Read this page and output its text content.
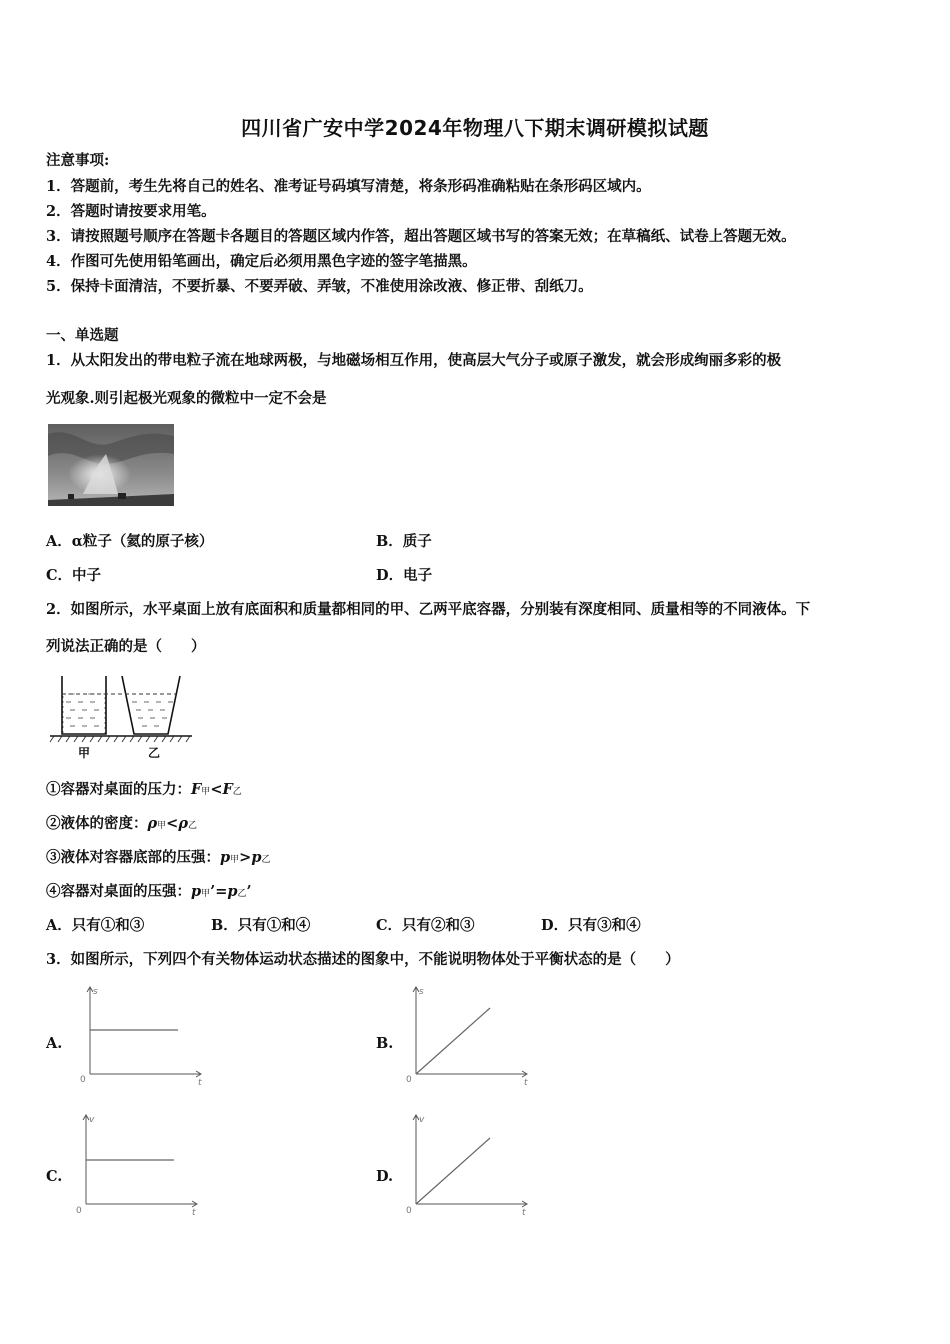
四川省广安中学2024年物理八下期末调研模拟试题
注意事项:
1．答题前，考生先将自己的姓名、准考证号码填写清楚，将条形码准确粘贴在条形码区域内。
2．答题时请按要求用笔。
3．请按照题号顺序在答题卡各题目的答题区域内作答，超出答题区域书写的答案无效；在草稿纸、试卷上答题无效。
4．作图可先使用铅笔画出，确定后必须用黑色字迹的签字笔描黑。
5．保持卡面清洁，不要折暴、不要弄破、弄皱，不准使用涂改液、修正带、刮纸刀。
一、单选题
1．从太阳发出的带电粒子流在地球两极，与地磁场相互作用，使高层大气分子或原子激发，就会形成绚丽多彩的极
光观象.则引起极光观象的微粒中一定不会是
A．α粒子（氦的原子核）	B．质子
C．中子	D．电子
2．如图所示，水平桌面上放有底面积和质量都相同的甲、乙两平底容器，分别装有深度相同、质量相等的不同液体。下
列说法正确的是（　　）
甲	乙
①容器对桌面的压力：F甲<F乙
②液体的密度：ρ甲<ρ乙
③液体对容器底部的压强：p甲>p乙
④容器对桌面的压强：p甲’=p乙’
A．只有①和③	B．只有①和④	C．只有②和③	D．只有③和④
3．如图所示，下列四个有关物体运动状态描述的图象中，不能说明物体处于平衡状态的是（　　）
A.
s
t
0
B.
s
t
0
C.
v
t
0
D.
v
t
0
